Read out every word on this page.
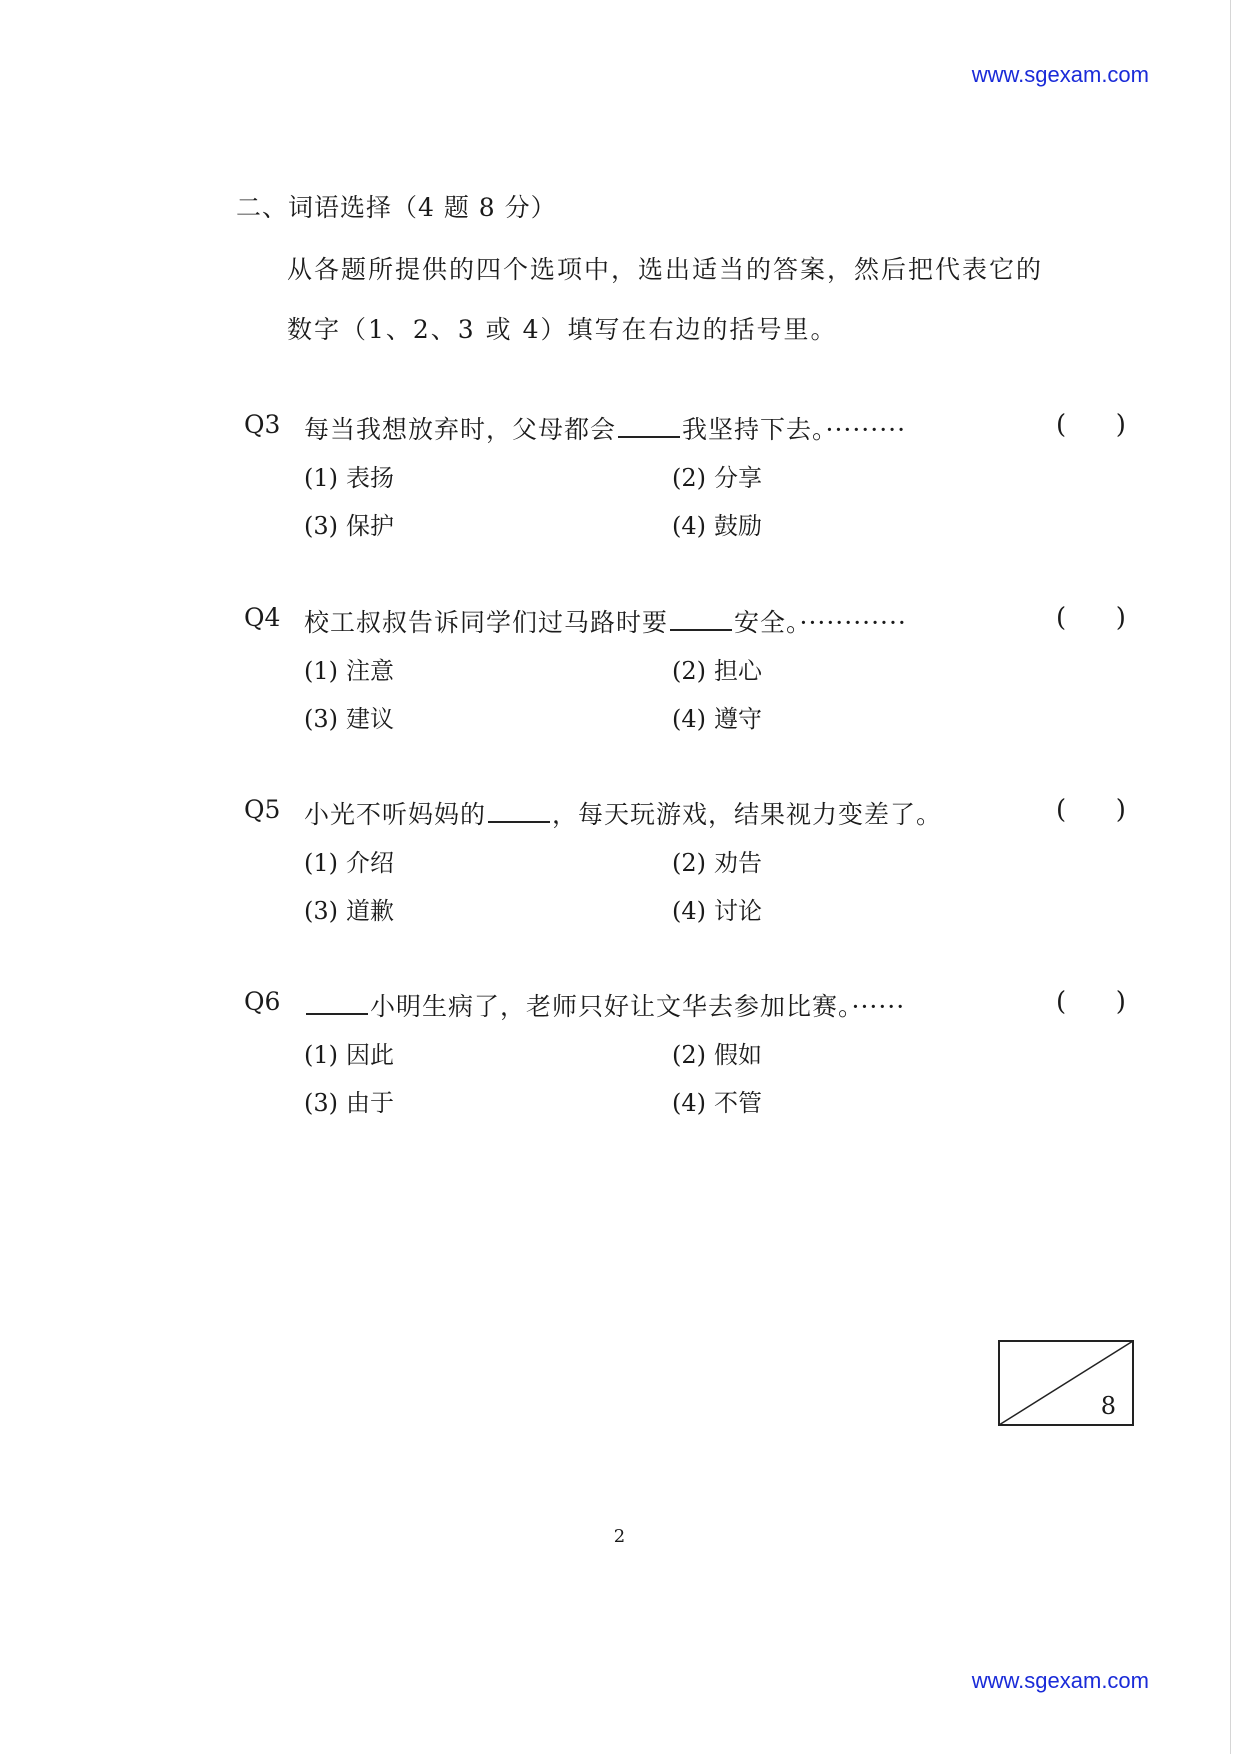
www.sgexam.com
二、词语选择（4 题 8 分）
从各题所提供的四个选项中，选出适当的答案，然后把代表它的
数字（1、2、3 或 4）填写在右边的括号里。
Q3 每当我想放弃时，父母都会	我坚持下去。·········	(      )
(1) 表扬	(2) 分享
(3) 保护	(4) 鼓励
Q4 校工叔叔告诉同学们过马路时要	安全。············	(      )
(1) 注意	(2) 担心
(3) 建议	(4) 遵守
Q5 小光不听妈妈的	，每天玩游戏，结果视力变差了。	(      )
(1) 介绍	(2) 劝告
(3) 道歉	(4) 讨论
Q6	小明生病了，老师只好让文华去参加比赛。······	(      )
(1) 因此	(2) 假如
(3) 由于	(4) 不管
8
2
www.sgexam.com
